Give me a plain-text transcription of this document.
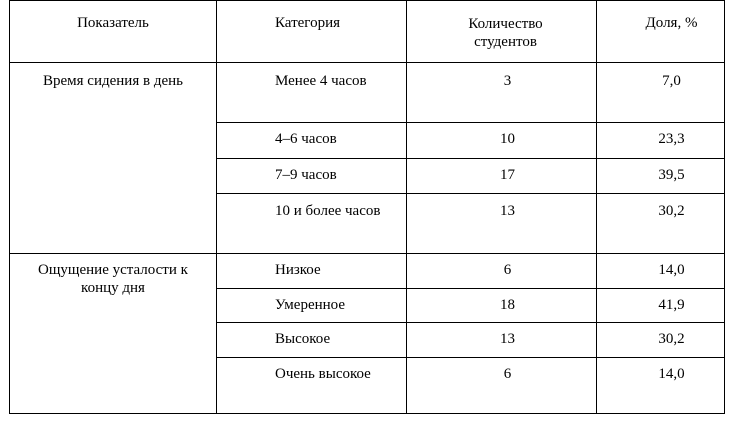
Показатель	Категория	Количество студентов	Доля, %
Время сидения в день	Менее 4 часов	3	7,0
	4–6 часов	10	23,3
	7–9 часов	17	39,5
	10 и более часов	13	30,2

Ощущение усталости к концу дня	Низкое	6	14,0
	Умеренное	18	41,9
	Высокое	13	30,2
	Очень высокое	6	14,0
